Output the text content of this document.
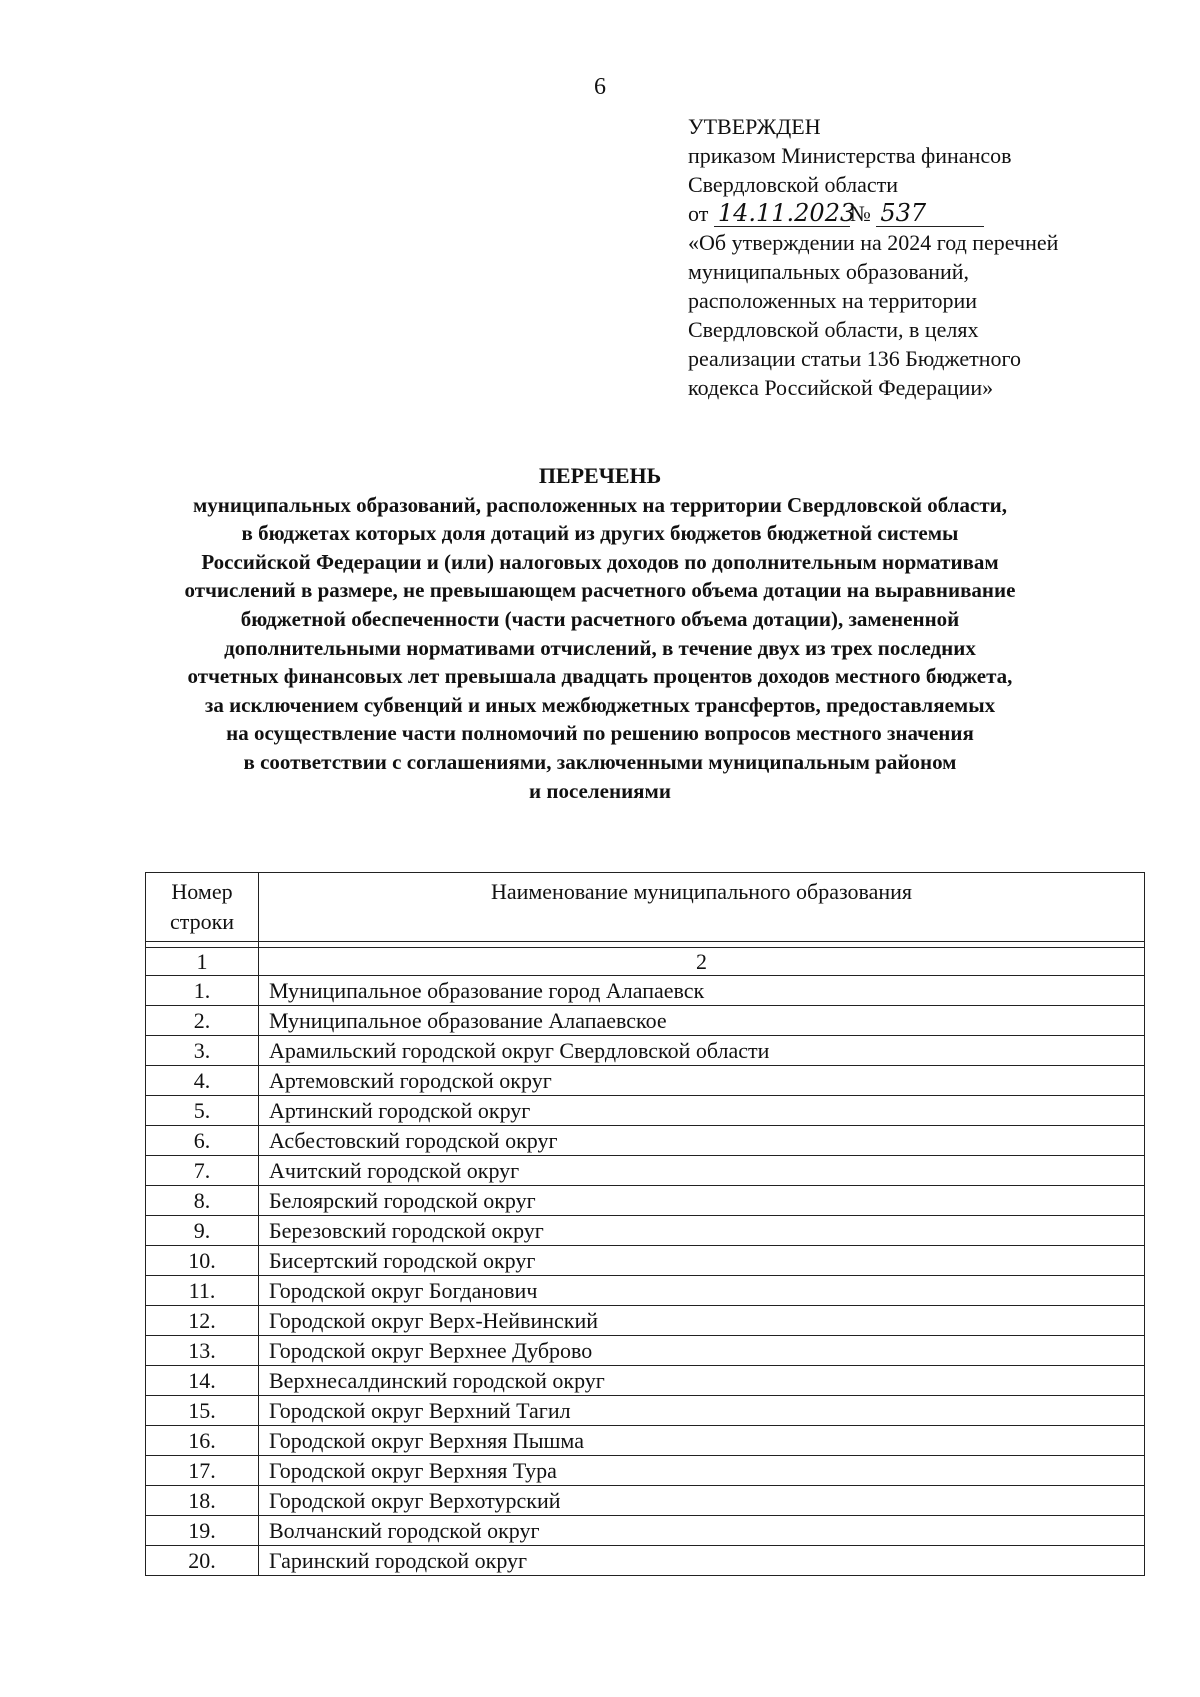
6
УТВЕРЖДЕН
приказом Министерства финансов
Свердловской области
от 14.11.2023№ 537
«Об утверждении на 2024 год перечней
муниципальных образований,
расположенных на территории
Свердловской области, в целях
реализации статьи 136 Бюджетного
кодекса Российской Федерации»
ПЕРЕЧЕНЬ
муниципальных образований, расположенных на территории Свердловской области,
в бюджетах которых доля дотаций из других бюджетов бюджетной системы
Российской Федерации и (или) налоговых доходов по дополнительным нормативам
отчислений в размере, не превышающем расчетного объема дотации на выравнивание
бюджетной обеспеченности (части расчетного объема дотации), замененной
дополнительными нормативами отчислений, в течение двух из трех последних
отчетных финансовых лет превышала двадцать процентов доходов местного бюджета,
за исключением субвенций и иных межбюджетных трансфертов, предоставляемых
на осуществление части полномочий по решению вопросов местного значения
в соответствии с соглашениями, заключенными муниципальным районом
и поселениями
Номер
строки	Наименование муниципального образования

1	2
1.	Муниципальное образование город Алапаевск
2.	Муниципальное образование Алапаевское
3.	Арамильский городской округ Свердловской области
4.	Артемовский городской округ
5.	Артинский городской округ
6.	Асбестовский городской округ
7.	Ачитский городской округ
8.	Белоярский городской округ
9.	Березовский городской округ
10.	Бисертский городской округ
11.	Городской округ Богданович
12.	Городской округ Верх-Нейвинский
13.	Городской округ Верхнее Дуброво
14.	Верхнесалдинский городской округ
15.	Городской округ Верхний Тагил
16.	Городской округ Верхняя Пышма
17.	Городской округ Верхняя Тура
18.	Городской округ Верхотурский
19.	Волчанский городской округ
20.	Гаринский городской округ
